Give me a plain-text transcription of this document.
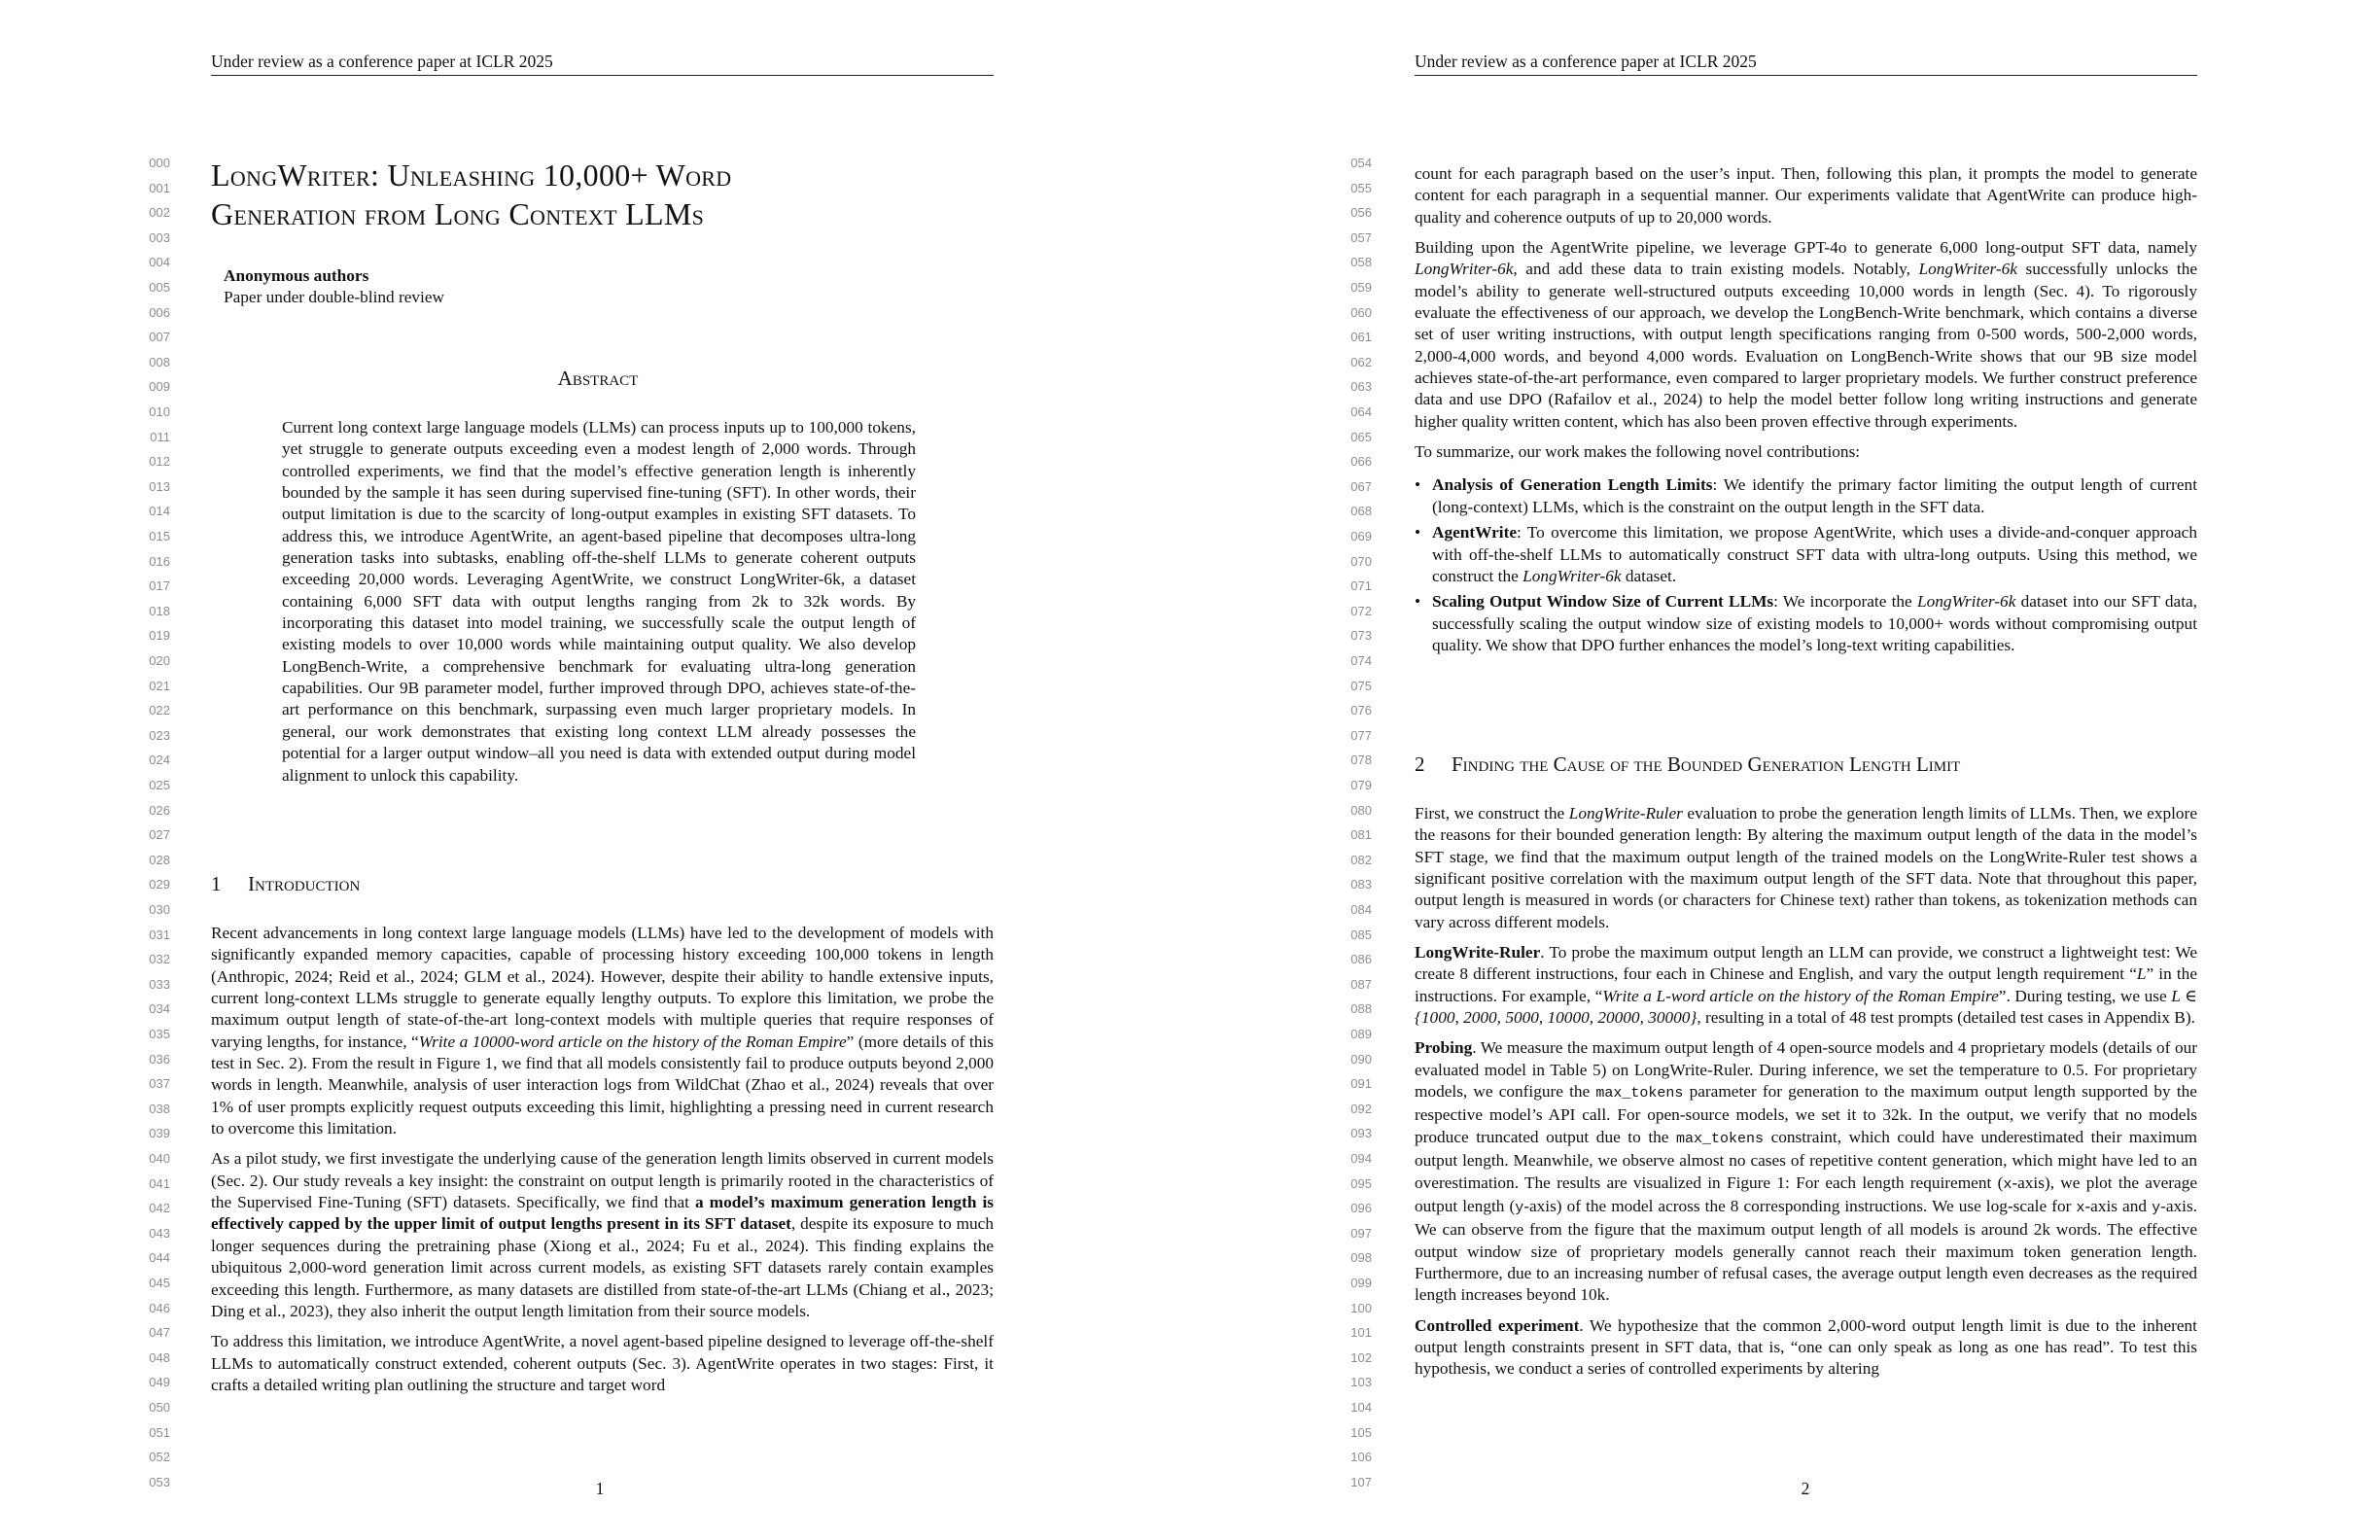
Under review as a conference paper at ICLR 2025
000
001
002
003
004
005
006
007
008
009
010
011
012
013
014
015
016
017
018
019
020
021
022
023
024
025
026
027
028
029
030
031
032
033
034
035
036
037
038
039
040
041
042
043
044
045
046
047
048
049
050
051
052
053
LongWriter: Unleashing 10,000+ Word
Generation from Long Context LLMs
Anonymous authors
Paper under double-blind review
Abstract

Current long context large language models (LLMs) can process inputs up to 100,000 tokens, yet struggle to generate outputs exceeding even a modest length of 2,000 words. Through controlled experiments, we find that the model’s effective generation length is inherently bounded by the sample it has seen during supervised fine-tuning (SFT). In other words, their output limitation is due to the scarcity of long-output examples in existing SFT datasets. To address this, we introduce AgentWrite, an agent-based pipeline that decomposes ultra-long generation tasks into subtasks, enabling off-the-shelf LLMs to generate coherent outputs exceeding 20,000 words. Leveraging AgentWrite, we construct LongWriter-6k, a dataset containing 6,000 SFT data with output lengths ranging from 2k to 32k words. By incorporating this dataset into model training, we successfully scale the output length of existing models to over 10,000 words while maintaining output quality. We also develop LongBench-Write, a comprehensive benchmark for evaluating ultra-long generation capabilities. Our 9B parameter model, further improved through DPO, achieves state-of-the-art performance on this benchmark, surpassing even much larger proprietary models. In general, our work demonstrates that existing long context LLM already possesses the potential for a larger output window–all you need is data with extended output during model alignment to unlock this capability.

1 Introduction

Recent advancements in long context large language models (LLMs) have led to the development of models with significantly expanded memory capacities, capable of processing history exceeding 100,000 tokens in length (Anthropic, 2024; Reid et al., 2024; GLM et al., 2024). However, despite their ability to handle extensive inputs, current long-context LLMs struggle to generate equally lengthy outputs. To explore this limitation, we probe the maximum output length of state-of-the-art long-context models with multiple queries that require responses of varying lengths, for instance, “Write a 10000-word article on the history of the Roman Empire” (more details of this test in Sec. 2). From the result in Figure 1, we find that all models consistently fail to produce outputs beyond 2,000 words in length. Meanwhile, analysis of user interaction logs from WildChat (Zhao et al., 2024) reveals that over 1% of user prompts explicitly request outputs exceeding this limit, highlighting a pressing need in current research to overcome this limitation.

As a pilot study, we first investigate the underlying cause of the generation length limits observed in current models (Sec. 2). Our study reveals a key insight: the constraint on output length is primarily rooted in the characteristics of the Supervised Fine-Tuning (SFT) datasets. Specifically, we find that a model’s maximum generation length is effectively capped by the upper limit of output lengths present in its SFT dataset, despite its exposure to much longer sequences during the pretraining phase (Xiong et al., 2024; Fu et al., 2024). This finding explains the ubiquitous 2,000-word generation limit across current models, as existing SFT datasets rarely contain examples exceeding this length. Furthermore, as many datasets are distilled from state-of-the-art LLMs (Chiang et al., 2023; Ding et al., 2023), they also inherit the output length limitation from their source models.

To address this limitation, we introduce AgentWrite, a novel agent-based pipeline designed to leverage off-the-shelf LLMs to automatically construct extended, coherent outputs (Sec. 3). AgentWrite operates in two stages: First, it crafts a detailed writing plan outlining the structure and target word

1
Under review as a conference paper at ICLR 2025
054
055
056
057
058
059
060
061
062
063
064
065
066
067
068
069
070
071
072
073
074
075
076
077
078
079
080
081
082
083
084
085
086
087
088
089
090
091
092
093
094
095
096
097
098
099
100
101
102
103
104
105
106
107

count for each paragraph based on the user’s input. Then, following this plan, it prompts the model to generate content for each paragraph in a sequential manner. Our experiments validate that AgentWrite can produce high-quality and coherence outputs of up to 20,000 words.

Building upon the AgentWrite pipeline, we leverage GPT-4o to generate 6,000 long-output SFT data, namely LongWriter-6k, and add these data to train existing models. Notably, LongWriter-6k successfully unlocks the model’s ability to generate well-structured outputs exceeding 10,000 words in length (Sec. 4). To rigorously evaluate the effectiveness of our approach, we develop the LongBench-Write benchmark, which contains a diverse set of user writing instructions, with output length specifications ranging from 0-500 words, 500-2,000 words, 2,000-4,000 words, and beyond 4,000 words. Evaluation on LongBench-Write shows that our 9B size model achieves state-of-the-art performance, even compared to larger proprietary models. We further construct preference data and use DPO (Rafailov et al., 2024) to help the model better follow long writing instructions and generate higher quality written content, which has also been proven effective through experiments.

To summarize, our work makes the following novel contributions:

• Analysis of Generation Length Limits: We identify the primary factor limiting the output length of current (long-context) LLMs, which is the constraint on the output length in the SFT data.
• AgentWrite: To overcome this limitation, we propose AgentWrite, which uses a divide-and-conquer approach with off-the-shelf LLMs to automatically construct SFT data with ultra-long outputs. Using this method, we construct the LongWriter-6k dataset.
• Scaling Output Window Size of Current LLMs: We incorporate the LongWriter-6k dataset into our SFT data, successfully scaling the output window size of existing models to 10,000+ words without compromising output quality. We show that DPO further enhances the model’s long-text writing capabilities.
2 Finding the Cause of the Bounded Generation Length Limit

First, we construct the LongWrite-Ruler evaluation to probe the generation length limits of LLMs. Then, we explore the reasons for their bounded generation length: By altering the maximum output length of the data in the model’s SFT stage, we find that the maximum output length of the trained models on the LongWrite-Ruler test shows a significant positive correlation with the maximum output length of the SFT data. Note that throughout this paper, output length is measured in words (or characters for Chinese text) rather than tokens, as tokenization methods can vary across different models.

LongWrite-Ruler. To probe the maximum output length an LLM can provide, we construct a lightweight test: We create 8 different instructions, four each in Chinese and English, and vary the output length requirement “L” in the instructions. For example, “Write a L-word article on the history of the Roman Empire”. During testing, we use L ∈ {1000, 2000, 5000, 10000, 20000, 30000}, resulting in a total of 48 test prompts (detailed test cases in Appendix B).

Probing. We measure the maximum output length of 4 open-source models and 4 proprietary models (details of our evaluated model in Table 5) on LongWrite-Ruler. During inference, we set the temperature to 0.5. For proprietary models, we configure the max_tokens parameter for generation to the maximum output length supported by the respective model’s API call. For open-source models, we set it to 32k. In the output, we verify that no models produce truncated output due to the max_tokens constraint, which could have underestimated their maximum output length. Meanwhile, we observe almost no cases of repetitive content generation, which might have led to an overestimation. The results are visualized in Figure 1: For each length requirement (x-axis), we plot the average output length (y-axis) of the model across the 8 corresponding instructions. We use log-scale for x-axis and y-axis. We can observe from the figure that the maximum output length of all models is around 2k words. The effective output window size of proprietary models generally cannot reach their maximum token generation length. Furthermore, due to an increasing number of refusal cases, the average output length even decreases as the required length increases beyond 10k.

Controlled experiment. We hypothesize that the common 2,000-word output length limit is due to the inherent output length constraints present in SFT data, that is, “one can only speak as long as one has read”. To test this hypothesis, we conduct a series of controlled experiments by altering

2
